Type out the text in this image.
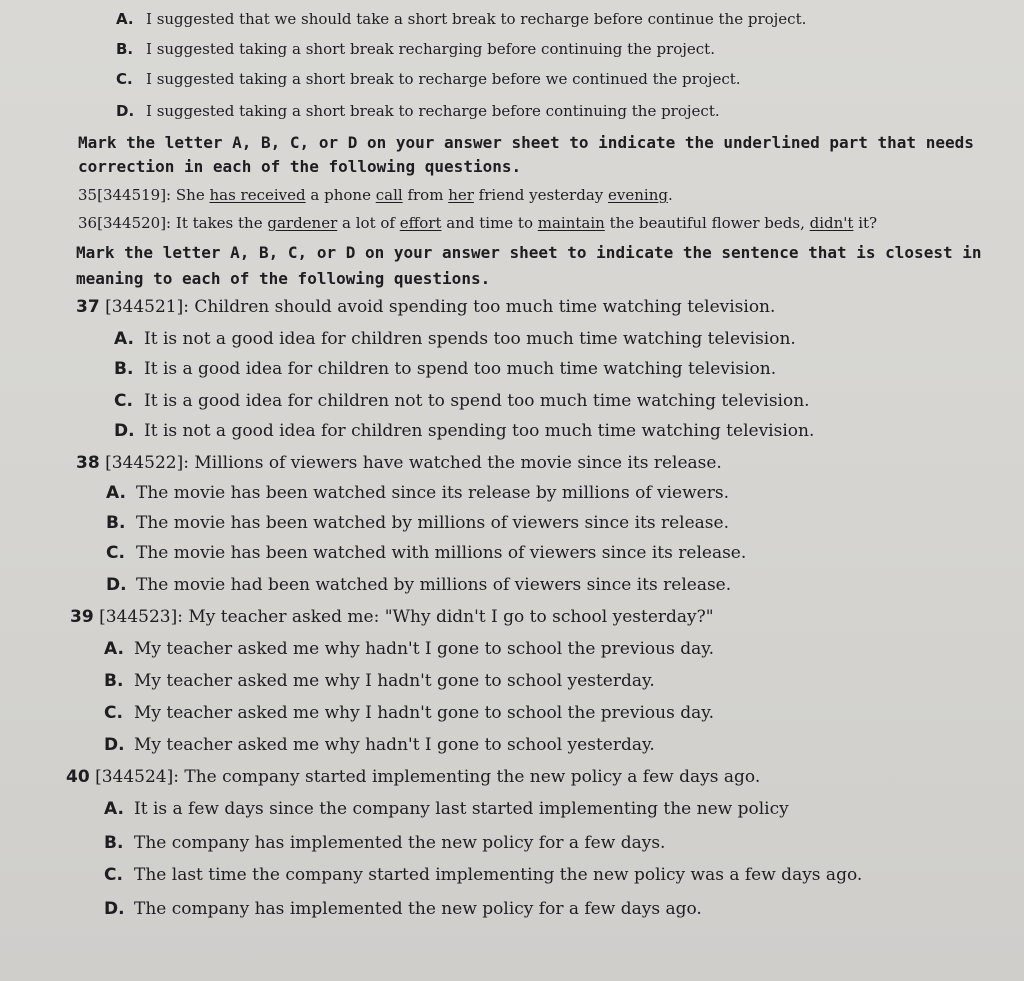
A. I suggested that we should take a short break to recharge before continue the project.
B. I suggested taking a short break recharging before continuing the project.
C. I suggested taking a short break to recharge before we continued the project.
D. I suggested taking a short break to recharge before continuing the project.
Mark the letter A, B, C, or D on your answer sheet to indicate the underlined part that needs
correction in each of the following questions.
35[344519]: She has received a phone call from her friend yesterday evening.
36[344520]: It takes the gardener a lot of effort and time to maintain the beautiful flower beds, didn't it?
Mark the letter A, B, C, or D on your answer sheet to indicate the sentence that is closest in
meaning to each of the following questions.
37 [344521]: Children should avoid spending too much time watching television.
A. It is not a good idea for children spends too much time watching television.
B. It is a good idea for children to spend too much time watching television.
C. It is a good idea for children not to spend too much time watching television.
D. It is not a good idea for children spending too much time watching television.
38 [344522]: Millions of viewers have watched the movie since its release.
A. The movie has been watched since its release by millions of viewers.
B. The movie has been watched by millions of viewers since its release.
C. The movie has been watched with millions of viewers since its release.
D. The movie had been watched by millions of viewers since its release.
39 [344523]: My teacher asked me: "Why didn't I go to school yesterday?"
A. My teacher asked me why hadn't I gone to school the previous day.
B. My teacher asked me why I hadn't gone to school yesterday.
C. My teacher asked me why I hadn't gone to school the previous day.
D. My teacher asked me why hadn't I gone to school yesterday.
40 [344524]: The company started implementing the new policy a few days ago.
A. It is a few days since the company last started implementing the new policy
B. The company has implemented the new policy for a few days.
C. The last time the company started implementing the new policy was a few days ago.
D. The company has implemented the new policy for a few days ago.
